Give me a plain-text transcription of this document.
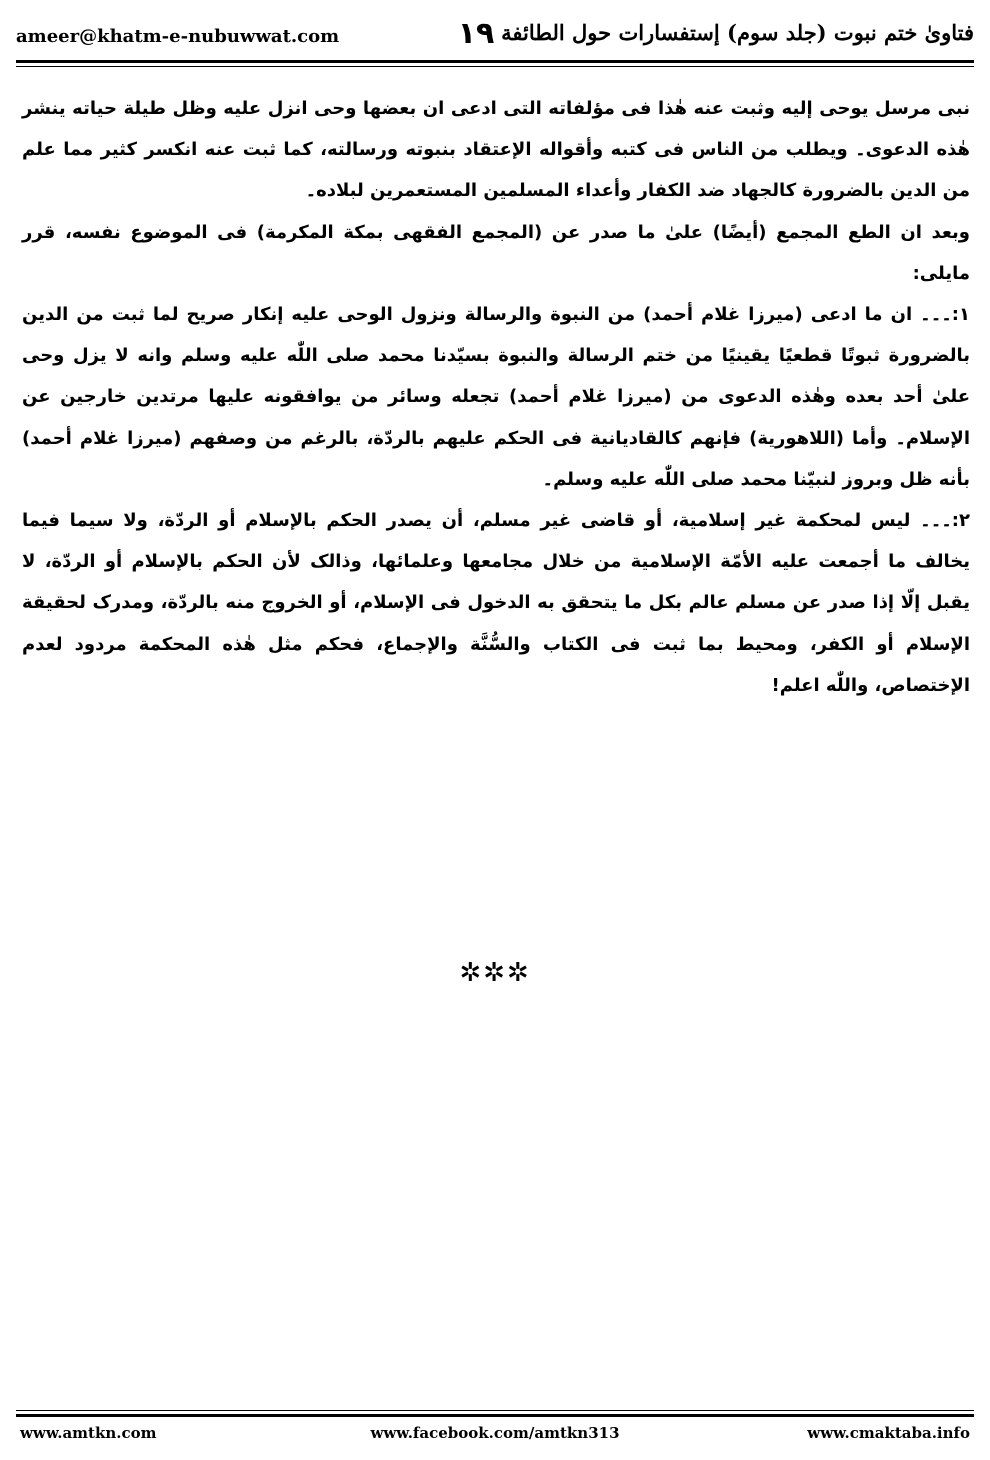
ameer@khatm-e-nubuwwat.com	۱۹ فتاویٰ ختم نبوت (جلد سوم) إستفسارات حول الطائفة

نبی مرسل یوحی إلیه وثبت عنه هٰذا فی مؤلفاته التی ادعی ان بعضها وحی انزل علیه وظل طیلة حیاته ینشر هٰذه الدعوی۔ ویطلب من الناس فی کتبه وأقواله الإعتقاد بنبوته ورسالته، کما ثبت عنه انکسر کثیر مما علم من الدین بالضرورة کالجهاد ضد الکفار وأعداء المسلمین المستعمرین لبلاده۔

وبعد ان الطع المجمع (أیضًا) علیٰ ما صدر عن (المجمع الفقهی بمکة المکرمة) فی الموضوع نفسه، قرر مایلی:

۱:۔۔۔ ان ما ادعی (میرزا غلام أحمد) من النبوة والرسالة ونزول الوحی علیه إنکار صریح لما ثبت من الدین بالضرورة ثبوتًا قطعیًا یقینیًا من ختم الرسالة والنبوة بسیّدنا محمد صلی اللّٰه علیه وسلم وانه لا یزل وحی علیٰ أحد بعده وهٰذه الدعوی من (میرزا غلام أحمد) تجعله وسائر من یوافقونه علیها مرتدین خارجین عن الإسلام۔ وأما (اللاهوریة) فإنهم کالقادیانیة فی الحکم علیهم بالردّة، بالرغم من وصفهم (میرزا غلام أحمد) بأنه ظل وبروز لنبیّنا محمد صلی اللّٰه علیه وسلم۔

۲:۔۔۔ لیس لمحکمة غیر إسلامیة، أو قاضی غیر مسلم، أن یصدر الحکم بالإسلام أو الردّة، ولا سیما فیما یخالف ما أجمعت علیه الأمّة الإسلامیة من خلال مجامعها وعلمائها، وذالک لأن الحکم بالإسلام أو الردّة، لا یقبل إلّا إذا صدر عن مسلم عالم بکل ما یتحقق به الدخول فی الإسلام، أو الخروج منه بالردّة، ومدرک لحقیقة الإسلام أو الکفر، ومحیط بما ثبت فی الکتاب والسُّنَّة والإجماع، فحکم مثل هٰذه المحکمة مردود لعدم الإختصاص، واللّٰه اعلم!

✲✲✲
www.facebook.com/amtkn313
www.amtkn.com	www.cmaktaba.info
